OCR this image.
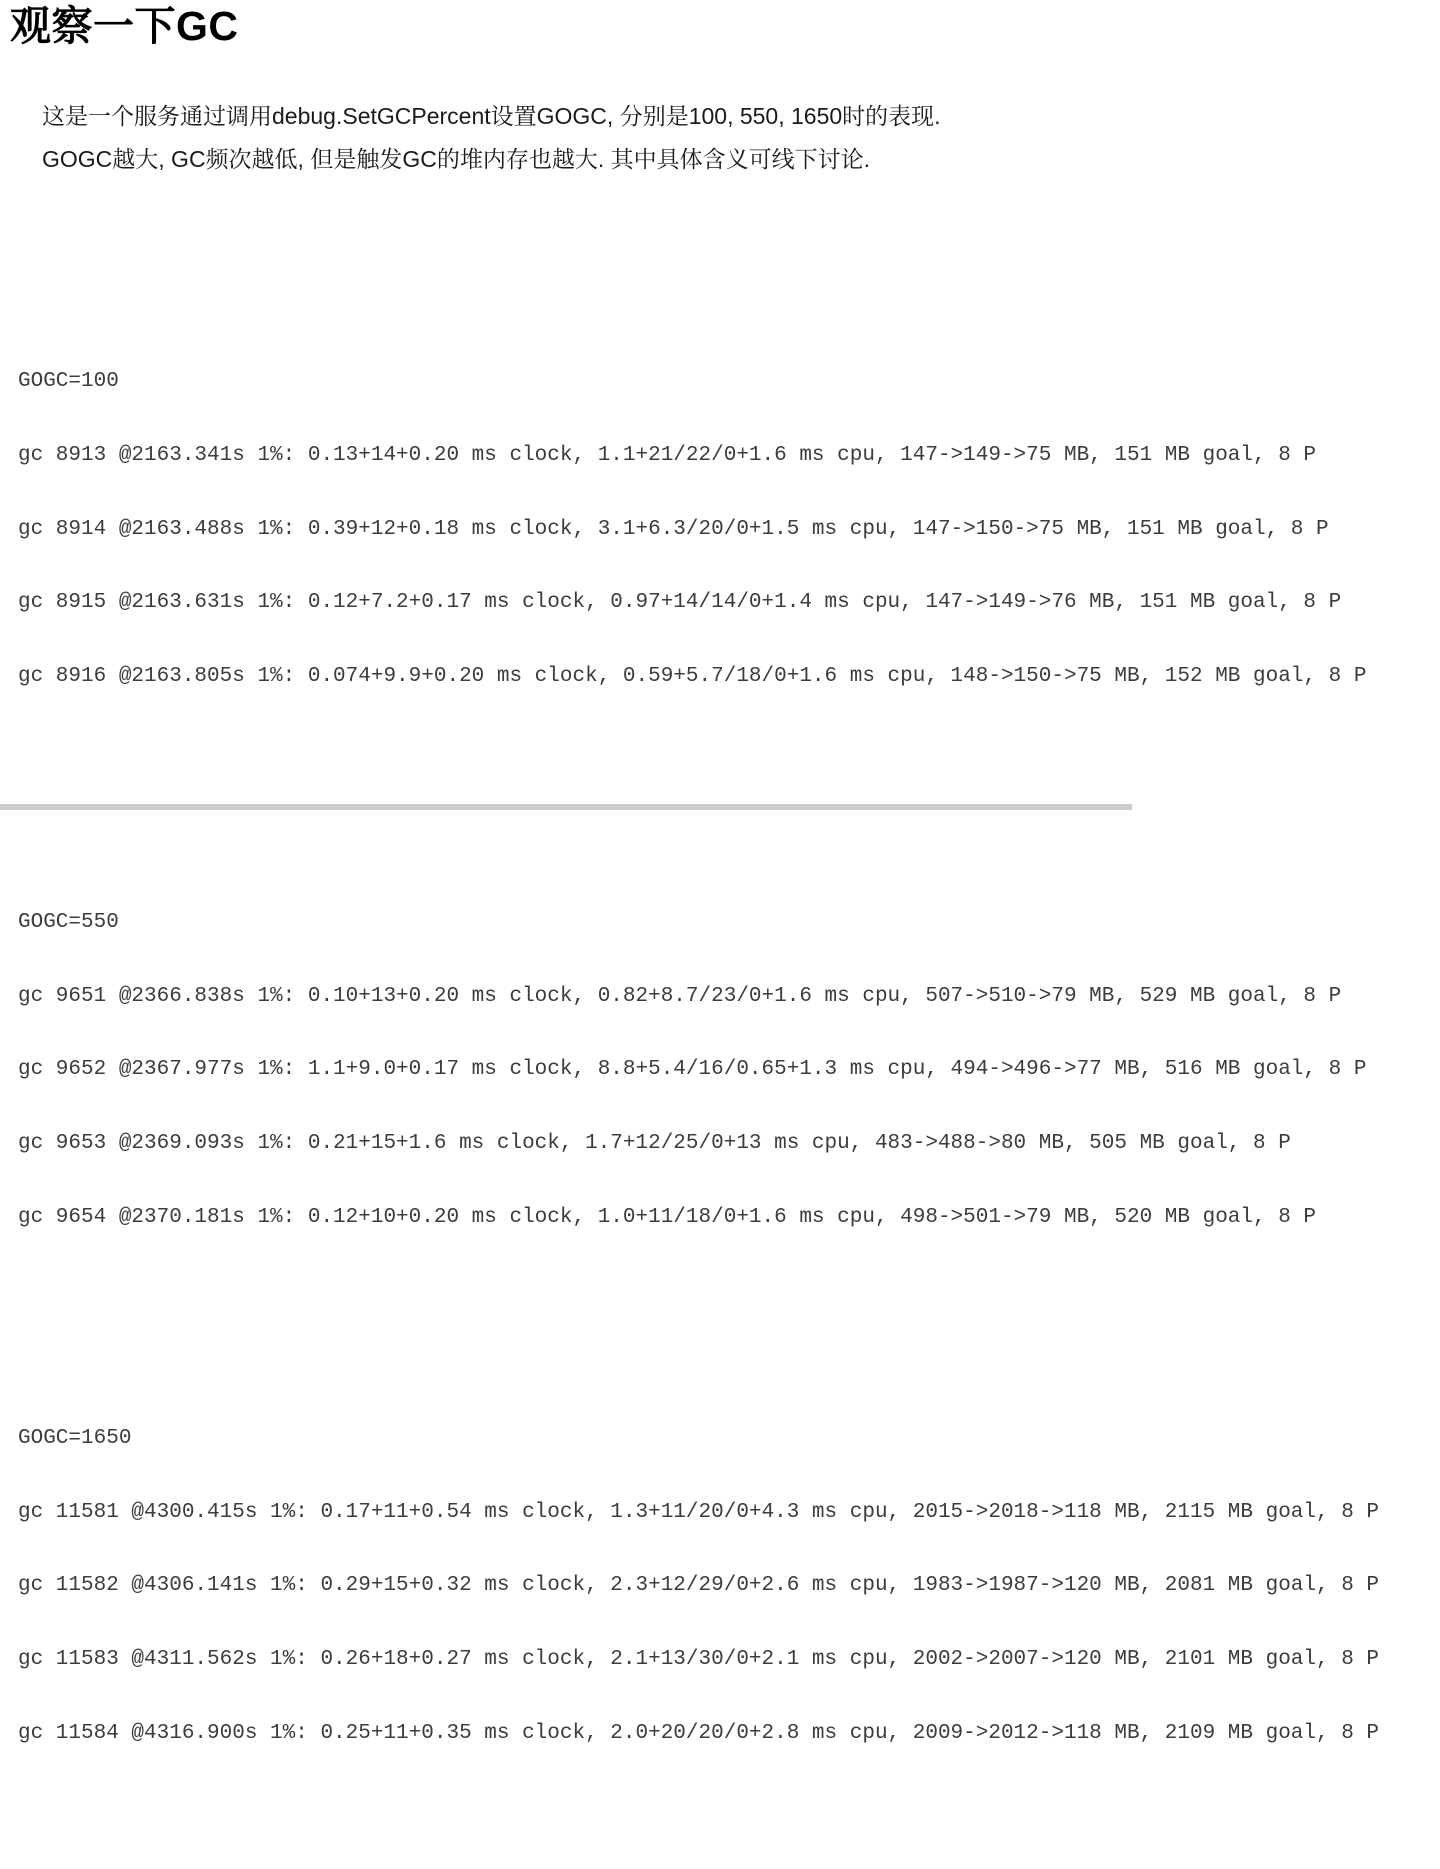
观察一下GC

这是一个服务通过调用debug.SetGCPercent设置GOGC, 分别是100, 550, 1650时的表现.

GOGC越大, GC频次越低, 但是触发GC的堆内存也越大. 其中具体含义可线下讨论.

GOGC=100

gc 8913 @2163.341s 1%: 0.13+14+0.20 ms clock, 1.1+21/22/0+1.6 ms cpu, 147->149->75 MB, 151 MB goal, 8 P

gc 8914 @2163.488s 1%: 0.39+12+0.18 ms clock, 3.1+6.3/20/0+1.5 ms cpu, 147->150->75 MB, 151 MB goal, 8 P

gc 8915 @2163.631s 1%: 0.12+7.2+0.17 ms clock, 0.97+14/14/0+1.4 ms cpu, 147->149->76 MB, 151 MB goal, 8 P

gc 8916 @2163.805s 1%: 0.074+9.9+0.20 ms clock, 0.59+5.7/18/0+1.6 ms cpu, 148->150->75 MB, 152 MB goal, 8 P

GOGC=550

gc 9651 @2366.838s 1%: 0.10+13+0.20 ms clock, 0.82+8.7/23/0+1.6 ms cpu, 507->510->79 MB, 529 MB goal, 8 P

gc 9652 @2367.977s 1%: 1.1+9.0+0.17 ms clock, 8.8+5.4/16/0.65+1.3 ms cpu, 494->496->77 MB, 516 MB goal, 8 P

gc 9653 @2369.093s 1%: 0.21+15+1.6 ms clock, 1.7+12/25/0+13 ms cpu, 483->488->80 MB, 505 MB goal, 8 P

gc 9654 @2370.181s 1%: 0.12+10+0.20 ms clock, 1.0+11/18/0+1.6 ms cpu, 498->501->79 MB, 520 MB goal, 8 P

GOGC=1650

gc 11581 @4300.415s 1%: 0.17+11+0.54 ms clock, 1.3+11/20/0+4.3 ms cpu, 2015->2018->118 MB, 2115 MB goal, 8 P

gc 11582 @4306.141s 1%: 0.29+15+0.32 ms clock, 2.3+12/29/0+2.6 ms cpu, 1983->1987->120 MB, 2081 MB goal, 8 P

gc 11583 @4311.562s 1%: 0.26+18+0.27 ms clock, 2.1+13/30/0+2.1 ms cpu, 2002->2007->120 MB, 2101 MB goal, 8 P

gc 11584 @4316.900s 1%: 0.25+11+0.35 ms clock, 2.0+20/20/0+2.8 ms cpu, 2009->2012->118 MB, 2109 MB goal, 8 P
